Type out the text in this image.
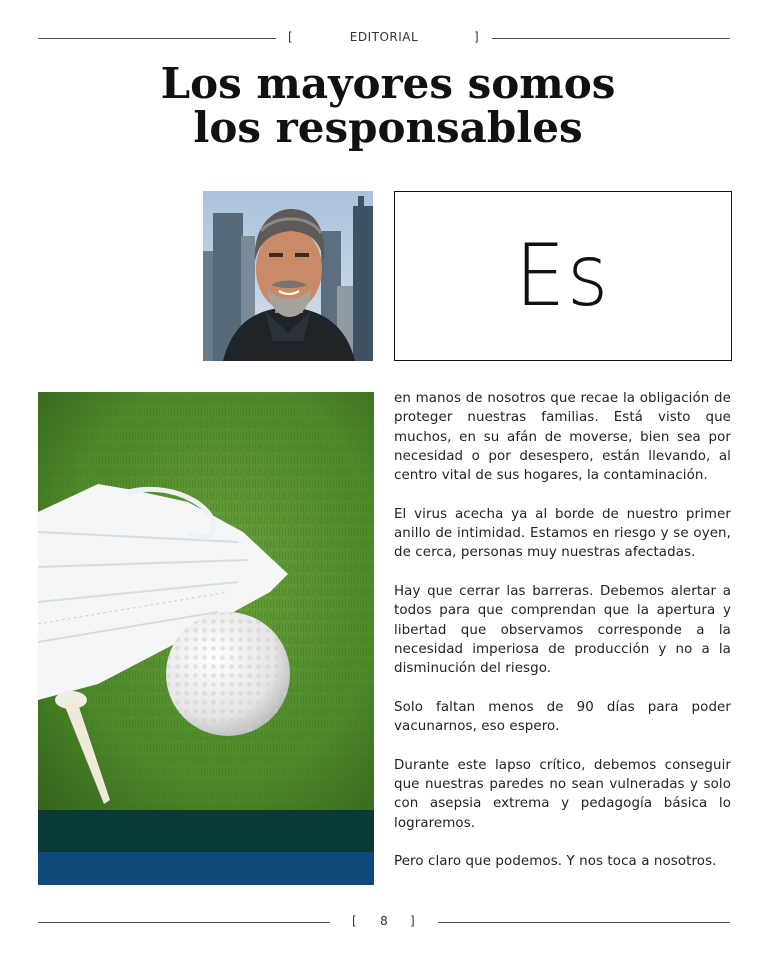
[	EDITORIAL	]
Los mayores somos
los responsables
Es

en manos de nosotros que recae la obligación de proteger nuestras familias. Está visto que muchos, en su afán de moverse, bien sea por necesidad o por desespero, están llevando, al centro vital de sus hogares, la contaminación.

El virus acecha ya al borde de nuestro primer anillo de intimidad. Estamos en riesgo y se oyen, de cerca, personas muy nuestras afectadas.

Hay que cerrar las barreras. Debemos alertar a todos para que comprendan que la apertura y libertad que observamos corresponde a la necesidad imperiosa de producción y no a la disminución del riesgo.

Solo faltan menos de 90 días para poder vacunarnos, eso espero.

Durante este lapso crítico, debemos conseguir que nuestras paredes no sean vulneradas y solo con asepsia extrema y pedagogía básica lo lograremos.

Pero claro que podemos. Y nos toca a nosotros.

[	8	]
